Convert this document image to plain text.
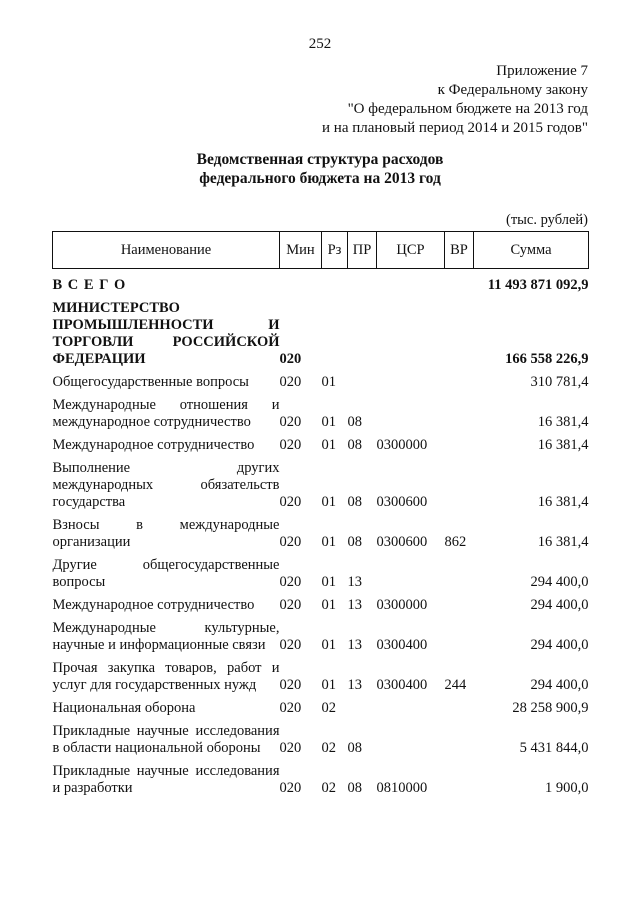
252
Приложение 7
к Федеральному закону
"О федеральном бюджете на 2013 год
и на плановый период 2014 и 2015 годов"
Ведомственная структура расходов
федерального бюджета на 2013 год
(тыс. рублей)
Наименование	Мин	Рз	ПР	ЦСР	ВР	Сумма
В С Е Г О						11 493 871 092,9
МИНИСТЕРСТВО ПРОМЫШЛЕННОСТИ И ТОРГОВЛИ РОССИЙСКОЙ ФЕДЕРАЦИИ	020					166 558 226,9
Общегосударственные вопросы	020	01				310 781,4
Международные отношения и международное сотрудничество	020	01	08			16 381,4
Международное сотрудничество	020	01	08	0300000		16 381,4
Выполнение других международных обязательств государства	020	01	08	0300600		16 381,4
Взносы в международные организации	020	01	08	0300600	862	16 381,4
Другие общегосударственные вопросы	020	01	13			294 400,0
Международное сотрудничество	020	01	13	0300000		294 400,0
Международные культурные, научные и информационные связи	020	01	13	0300400		294 400,0
Прочая закупка товаров, работ и услуг для государственных нужд	020	01	13	0300400	244	294 400,0
Национальная оборона	020	02				28 258 900,9
Прикладные научные исследования в области национальной обороны	020	02	08			5 431 844,0
Прикладные научные исследования и разработки	020	02	08	0810000		1 900,0
